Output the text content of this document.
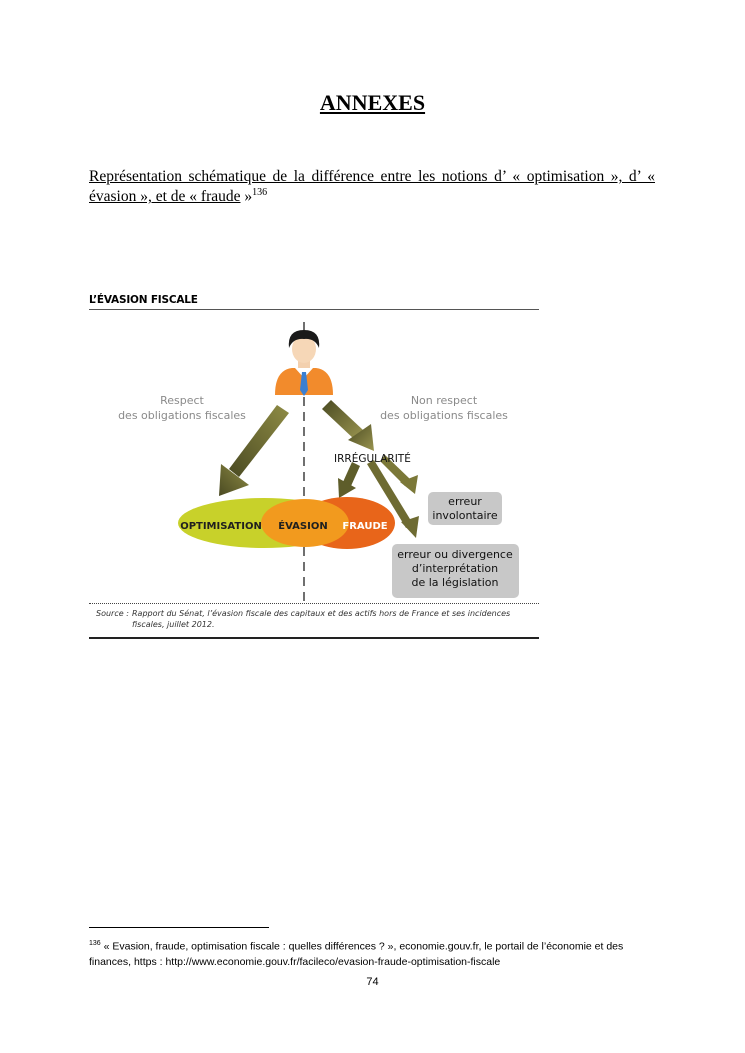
ANNEXES
Représentation schématique de la différence entre les notions d’ « optimisation », d’ « évasion », et de « fraude »$^{136}$
L’ÉVASION FISCALE
Respect
des obligations fiscales
Non respect
des obligations fiscales
IRRÉGULARITÉ
OPTIMISATION ÉVASION FRAUDE
erreur
involontaire
erreur ou divergence
d’interprétation
de la législation
Source : Rapport du Sénat, l’évasion fiscale des capitaux et des actifs hors de France et ses incidences
fiscales, juillet 2012.
$^{136}$ « Evasion, fraude, optimisation fiscale : quelles différences ? », economie.gouv.fr, le portail de l’économie et des finances, https : http://www.economie.gouv.fr/facileco/evasion-fraude-optimisation-fiscale
74
